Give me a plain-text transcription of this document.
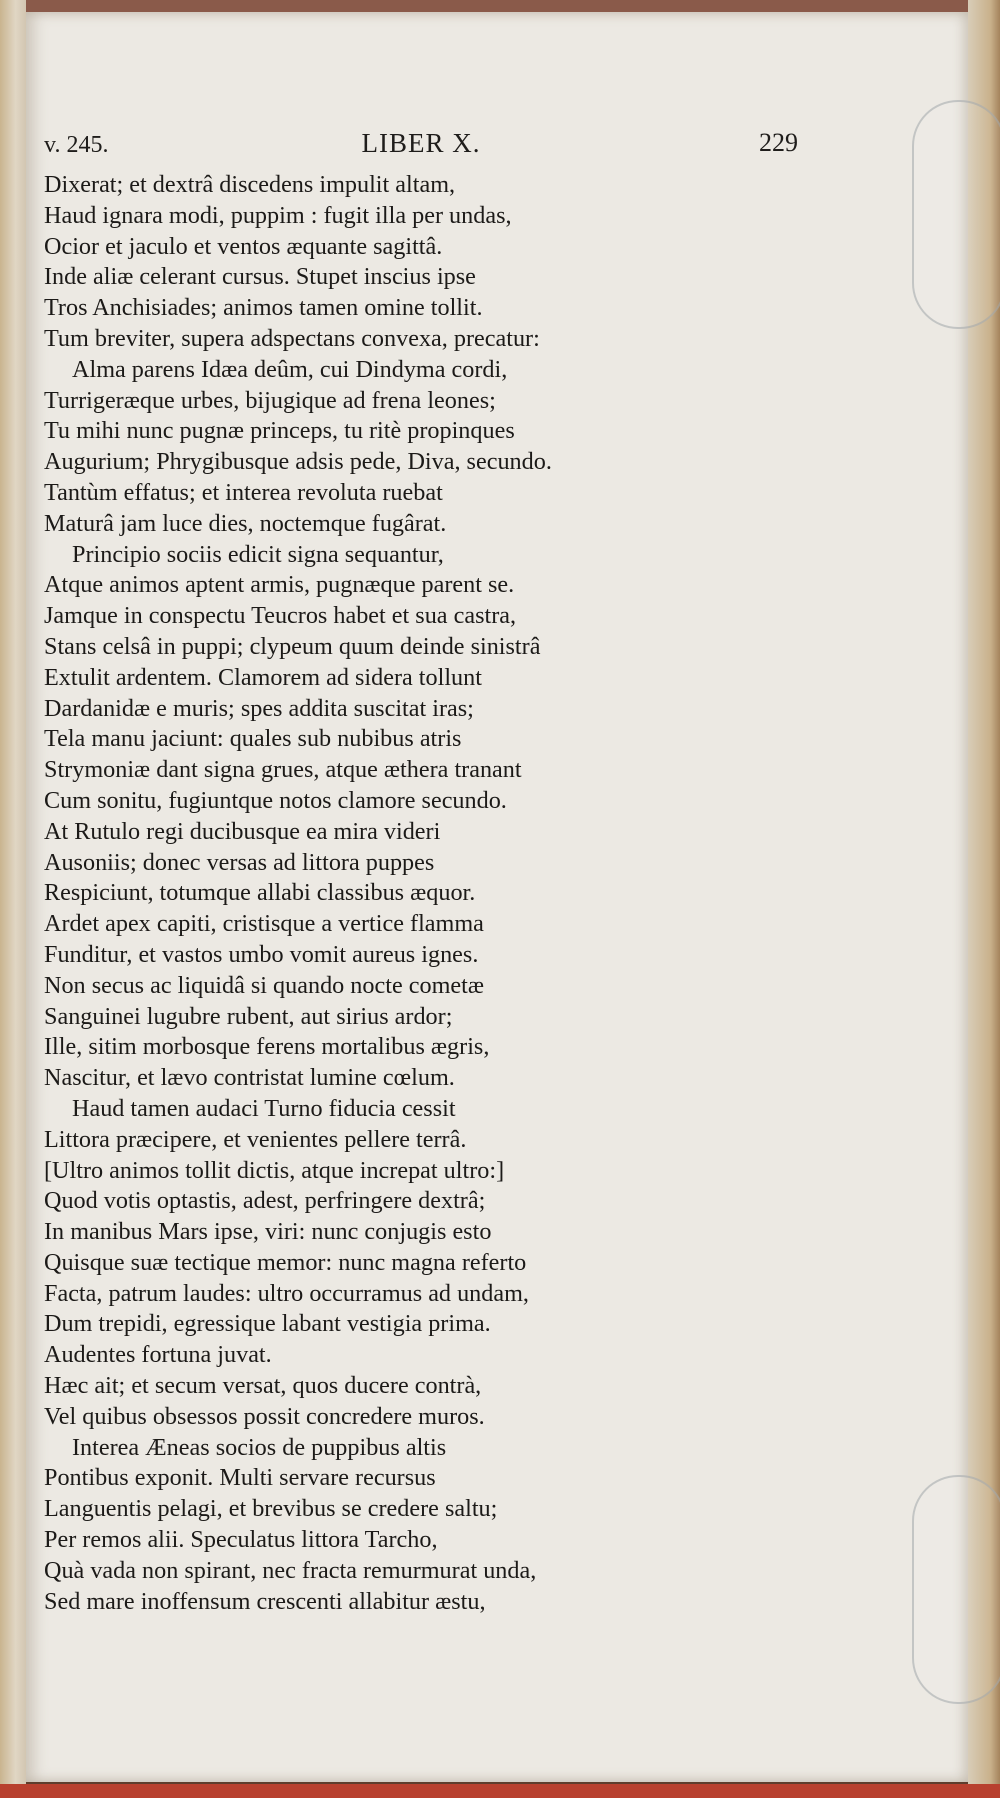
v. 245.	LIBER X.	229
Dixerat; et dextrâ discedens impulit altam,
Haud ignara modi, puppim : fugit illa per undas,
Ocior et jaculo et ventos æquante sagittâ.
Inde aliæ celerant cursus. Stupet inscius ipse
Tros Anchisiades; animos tamen omine tollit.
Tum breviter, supera adspectans convexa, precatur:
Alma parens Idæa deûm, cui Dindyma cordi,
Turrigeræque urbes, bijugique ad frena leones;
Tu mihi nunc pugnæ princeps, tu ritè propinques
Augurium; Phrygibusque adsis pede, Diva, secundo.
Tantùm effatus; et interea revoluta ruebat
Maturâ jam luce dies, noctemque fugârat.
Principio sociis edicit signa sequantur,
Atque animos aptent armis, pugnæque parent se.
Jamque in conspectu Teucros habet et sua castra,
Stans celsâ in puppi; clypeum quum deinde sinistrâ
Extulit ardentem. Clamorem ad sidera tollunt
Dardanidæ e muris; spes addita suscitat iras;
Tela manu jaciunt: quales sub nubibus atris
Strymoniæ dant signa grues, atque æthera tranant
Cum sonitu, fugiuntque notos clamore secundo.
At Rutulo regi ducibusque ea mira videri
Ausoniis; donec versas ad littora puppes
Respiciunt, totumque allabi classibus æquor.
Ardet apex capiti, cristisque a vertice flamma
Funditur, et vastos umbo vomit aureus ignes.
Non secus ac liquidâ si quando nocte cometæ
Sanguinei lugubre rubent, aut sirius ardor;
Ille, sitim morbosque ferens mortalibus ægris,
Nascitur, et lævo contristat lumine cœlum.
Haud tamen audaci Turno fiducia cessit
Littora præcipere, et venientes pellere terrâ.
[Ultro animos tollit dictis, atque increpat ultro:]
Quod votis optastis, adest, perfringere dextrâ;
In manibus Mars ipse, viri: nunc conjugis esto
Quisque suæ tectique memor: nunc magna referto
Facta, patrum laudes: ultro occurramus ad undam,
Dum trepidi, egressique labant vestigia prima.
Audentes fortuna juvat.
Hæc ait; et secum versat, quos ducere contrà,
Vel quibus obsessos possit concredere muros.
Interea Æneas socios de puppibus altis
Pontibus exponit. Multi servare recursus
Languentis pelagi, et brevibus se credere saltu;
Per remos alii. Speculatus littora Tarcho,
Quà vada non spirant, nec fracta remurmurat unda,
Sed mare inoffensum crescenti allabitur æstu,
